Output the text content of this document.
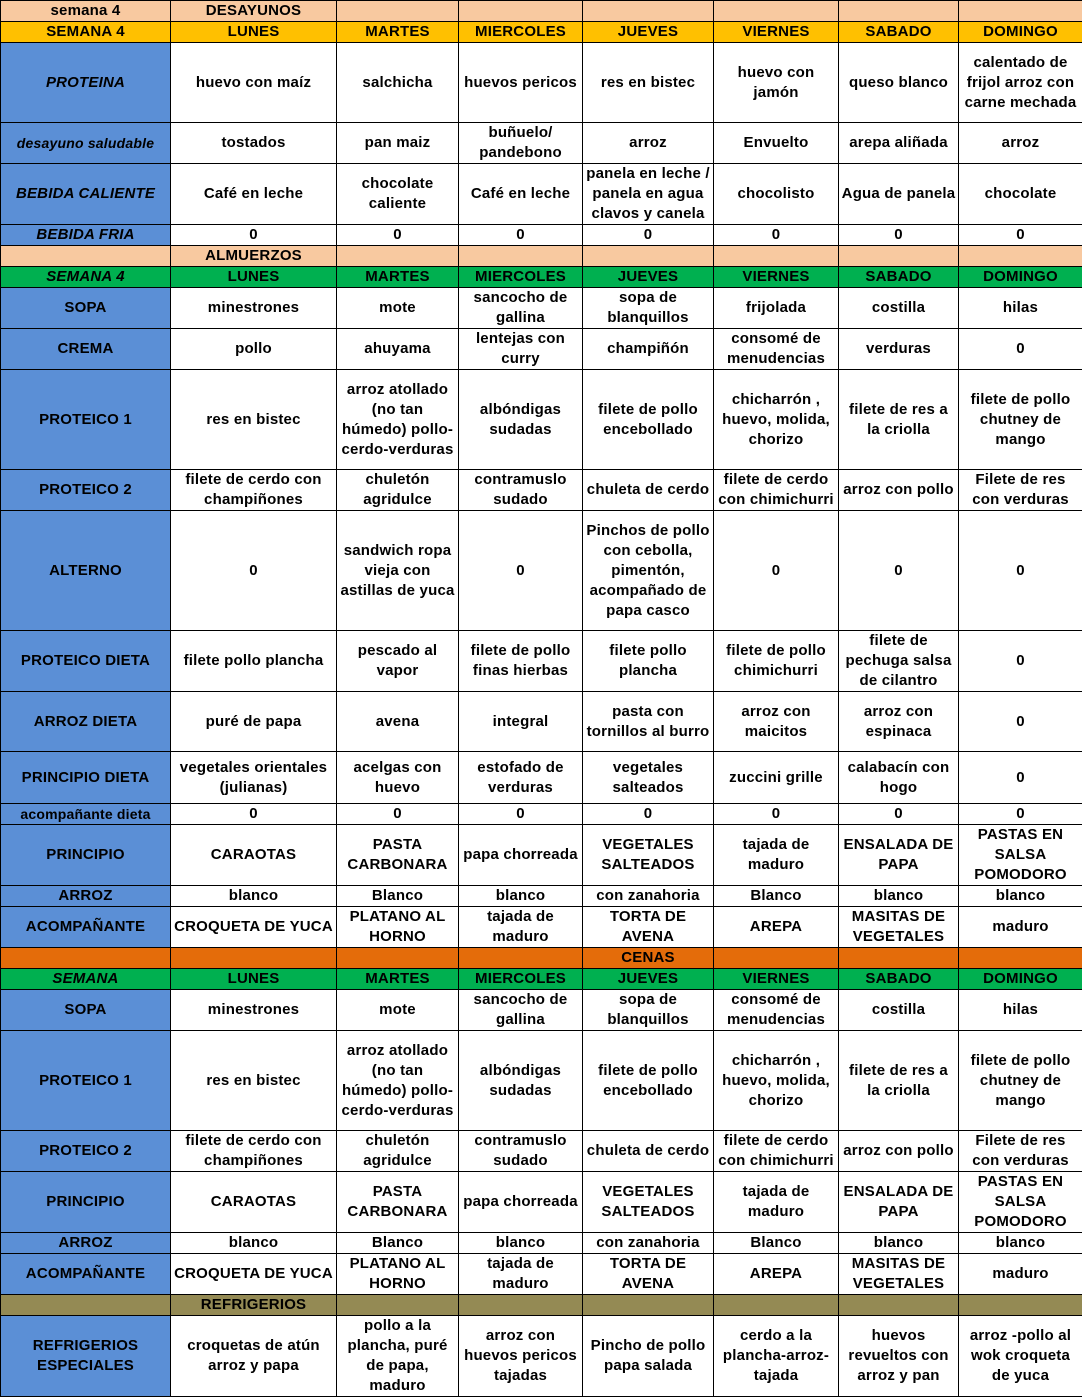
semana 4	DESAYUNOS						
SEMANA 4	LUNES	MARTES	MIERCOLES	JUEVES	VIERNES	SABADO	DOMINGO
PROTEINA	huevo con maíz	salchicha	huevos pericos	res en bistec	huevo con jamón	queso blanco	calentado de frijol arroz con carne mechada
desayuno saludable	tostados	pan maiz	buñuelo/ pandebono	arroz	Envuelto	arepa aliñada	arroz
BEBIDA CALIENTE	Café en leche	chocolate caliente	Café en leche	panela en leche / panela en agua clavos y canela	chocolisto	Agua de panela	chocolate
BEBIDA FRIA	0	0	0	0	0	0	0
	ALMUERZOS						
SEMANA 4	LUNES	MARTES	MIERCOLES	JUEVES	VIERNES	SABADO	DOMINGO
SOPA	minestrones	mote	sancocho de gallina	sopa de blanquillos	frijolada	costilla	hilas
CREMA	pollo	ahuyama	lentejas con curry	champiñón	consomé de menudencias	verduras	0
PROTEICO 1	res en bistec	arroz atollado (no tan húmedo) pollo-cerdo-verduras	albóndigas sudadas	filete de pollo encebollado	chicharrón , huevo, molida, chorizo	filete de res a la criolla	filete de pollo chutney de mango
PROTEICO 2	filete de cerdo con champiñones	chuletón agridulce	contramuslo sudado	chuleta de cerdo	filete de cerdo con chimichurri	arroz con pollo	Filete de res con verduras
ALTERNO	0	sandwich ropa vieja con astillas de yuca	0	Pinchos de pollo con cebolla, pimentón, acompañado de papa casco	0	0	0
PROTEICO DIETA	filete pollo plancha	pescado al vapor	filete de pollo finas hierbas	filete pollo plancha	filete de pollo chimichurri	filete de pechuga salsa de cilantro	0
ARROZ DIETA	puré de papa	avena	integral	pasta con tornillos al burro	arroz con maicitos	arroz con espinaca	0
PRINCIPIO DIETA	vegetales orientales (julianas)	acelgas con huevo	estofado de verduras	vegetales salteados	zuccini grille	calabacín con hogo	0
acompañante dieta	0	0	0	0	0	0	0
PRINCIPIO	CARAOTAS	PASTA CARBONARA	papa chorreada	VEGETALES SALTEADOS	tajada de maduro	ENSALADA DE PAPA	PASTAS EN SALSA POMODORO
ARROZ	blanco	Blanco	blanco	con zanahoria	Blanco	blanco	blanco
ACOMPAÑANTE	CROQUETA DE YUCA	PLATANO AL HORNO	tajada de maduro	TORTA DE AVENA	AREPA	MASITAS DE VEGETALES	maduro
				CENAS			
SEMANA	LUNES	MARTES	MIERCOLES	JUEVES	VIERNES	SABADO	DOMINGO
SOPA	minestrones	mote	sancocho de gallina	sopa de blanquillos	consomé de menudencias	costilla	hilas
PROTEICO 1	res en bistec	arroz atollado (no tan húmedo) pollo-cerdo-verduras	albóndigas sudadas	filete de pollo encebollado	chicharrón , huevo, molida, chorizo	filete de res a la criolla	filete de pollo chutney de mango
PROTEICO 2	filete de cerdo con champiñones	chuletón agridulce	contramuslo sudado	chuleta de cerdo	filete de cerdo con chimichurri	arroz con pollo	Filete de res con verduras
PRINCIPIO	CARAOTAS	PASTA CARBONARA	papa chorreada	VEGETALES SALTEADOS	tajada de maduro	ENSALADA DE PAPA	PASTAS EN SALSA POMODORO
ARROZ	blanco	Blanco	blanco	con zanahoria	Blanco	blanco	blanco
ACOMPAÑANTE	CROQUETA DE YUCA	PLATANO AL HORNO	tajada de maduro	TORTA DE AVENA	AREPA	MASITAS DE VEGETALES	maduro
	REFRIGERIOS						
REFRIGERIOS ESPECIALES	croquetas de atún arroz y papa	pollo a la plancha, puré de papa, maduro	arroz con huevos pericos tajadas	Pincho de pollo papa salada	cerdo a la plancha-arroz-tajada	huevos revueltos con arroz y pan	arroz -pollo al wok croqueta de yuca
